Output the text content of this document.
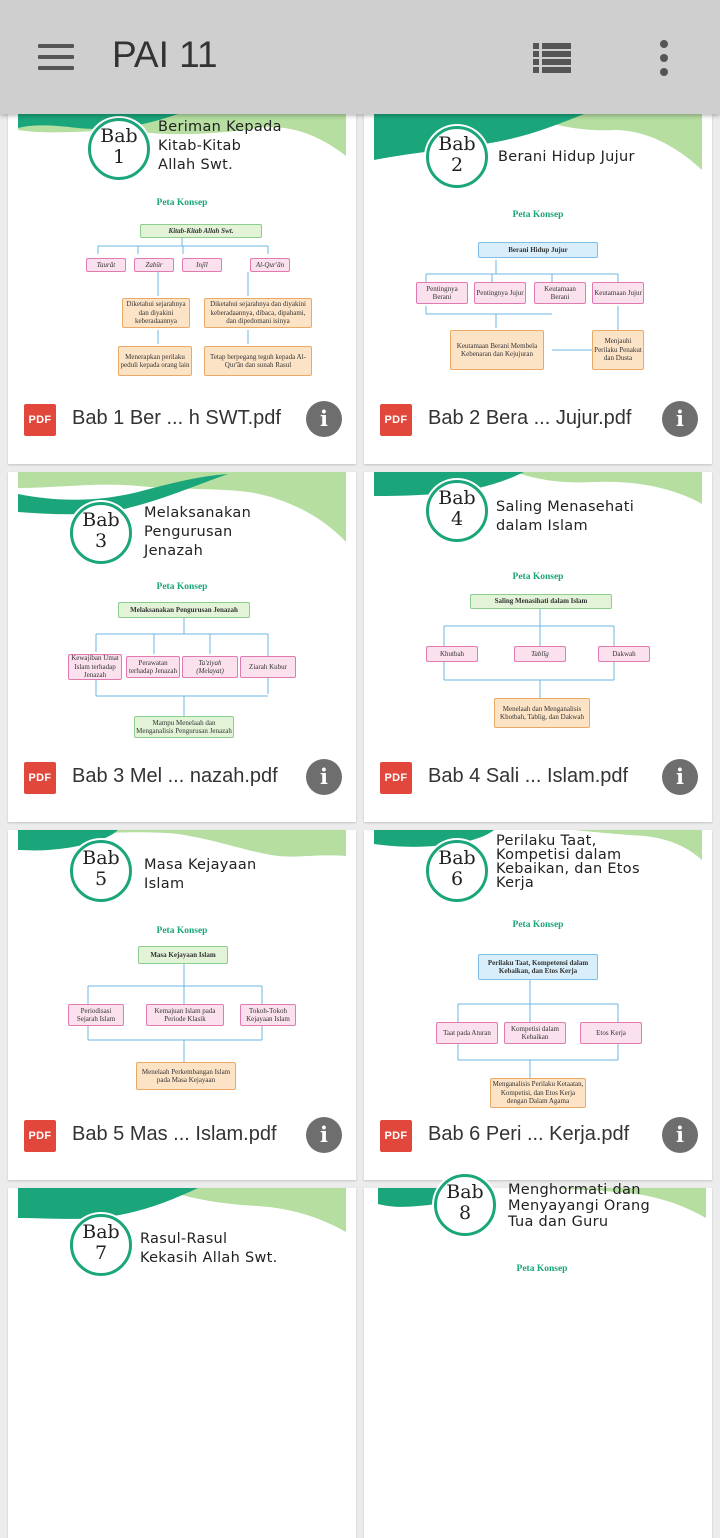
PAI 11
Bab
1
Beriman Kepada
Kitab-Kitab
Allah Swt.
Peta Konsep
Kitab-Kitab Allah Swt.
Taurāt	Zabūr	Injīl	Al-Qur'ān
Diketahui sejarahnya dan diyakini keberadaannya
Diketahui sejarahnya dan diyakini keberadaannya, dibaca, dipahami, dan dipedomani isinya
Menerapkan perilaku peduli kepada orang lain
Tetap berpegang teguh kepada Al-Qur'ān dan sunah Rasul
PDF Bab 1 Ber ... h SWT.pdf	i
Bab
2	Berani Hidup Jujur
Peta Konsep
Berani Hidup Jujur
Pentingnya Berani
Pentingnya Jujur
Keutamaan Berani
Keutamaan Jujur
Keutamaan Berani Membela Kebenaran dan Kejujuran
Menjauhi Perilaku Penakut dan Dusta
PDF Bab 2 Bera ... Jujur.pdf	i
Bab
3
Melaksanakan
Pengurusan
Jenazah
Peta Konsep
Melaksanakan Pengurusan Jenazah
Kewajiban Umat Islam terhadap Jenazah
Perawatan terhadap Jenazah
Ta'ziyah (Melayat)
Ziarah Kubur
Mampu Menelaah dan Menganalisis Pengurusan Jenazah
PDF Bab 3 Mel ... nazah.pdf	i
Bab
4
Saling Menasehati
dalam Islam
Peta Konsep
Saling Menasihati dalam Islam
Khutbah	Tablīg	Dakwah
Menelaah dan Menganalisis Khotbah, Tablig, dan Dakwah
PDF Bab 4 Sali ... Islam.pdf	i
Bab
5
Masa Kejayaan
Islam
Peta Konsep
Masa Kejayaan Islam
Periodisasi Sejarah Islam
Kemajuan Islam pada Periode Klasik
Tokoh-Tokoh Kejayaan Islam
Menelaah Perkembangan Islam pada Masa Kejayaan
PDF Bab 5 Mas ... Islam.pdf	i
Bab
6
Perilaku Taat,
Kompetisi dalam
Kebaikan, dan Etos
Kerja
Peta Konsep
Perilaku Taat, Kompetensi dalam Kebaikan, dan Etos Kerja
Taat pada Aturan
Kompetisi dalam Kebaikan
Etos Kerja
Menganalisis Perilaku Ketaatan, Kompetisi, dan Etos Kerja dengan Dalam Agama
PDF Bab 6 Peri ... Kerja.pdf	i
Bab
7
Rasul-Rasul
Kekasih Allah Swt.
Bab
8
Menghormati dan
Menyayangi Orang
Tua dan Guru
Peta Konsep
